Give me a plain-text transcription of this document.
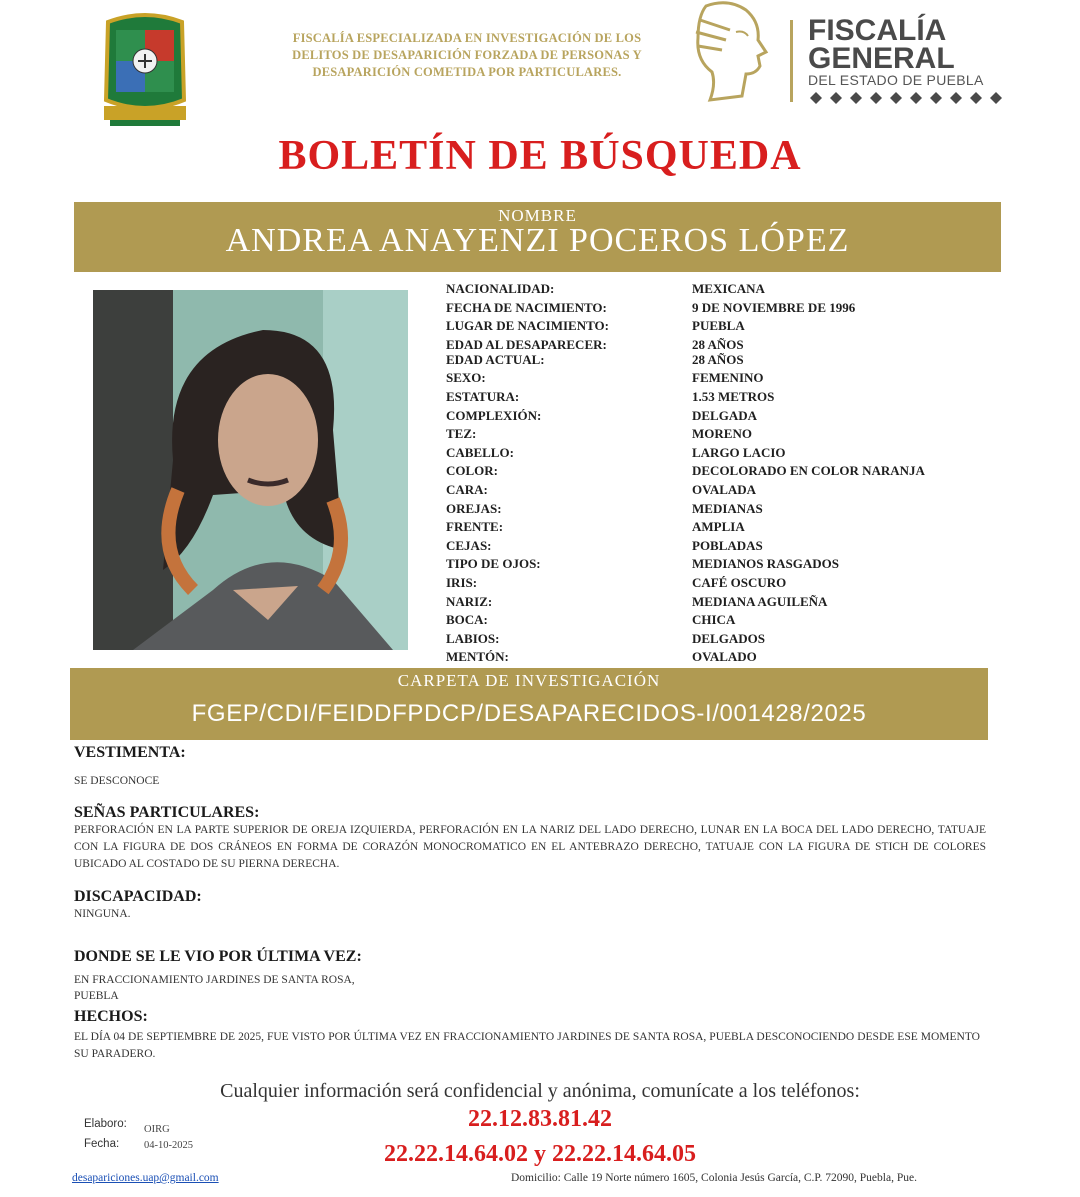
FISCALÍA ESPECIALIZADA EN INVESTIGACIÓN DE LOS DELITOS DE DESAPARICIÓN FORZADA DE PERSONAS Y DESAPARICIÓN COMETIDA POR PARTICULARES.
FISCALÍA
GENERAL
DEL ESTADO DE PUEBLA
BOLETÍN DE BÚSQUEDA
NOMBRE
ANDREA ANAYENZI POCEROS LÓPEZ
NACIONALIDAD:	MEXICANA
FECHA DE NACIMIENTO:	9 DE NOVIEMBRE DE 1996
LUGAR DE NACIMIENTO:	PUEBLA
EDAD AL DESAPARECER:	28 AÑOS
EDAD ACTUAL:	28 AÑOS
SEXO:	FEMENINO
ESTATURA:	1.53 METROS
COMPLEXIÓN:	DELGADA
TEZ:	MORENO
CABELLO:	LARGO LACIO
COLOR:	DECOLORADO EN COLOR NARANJA
CARA:	OVALADA
OREJAS:	MEDIANAS
FRENTE:	AMPLIA
CEJAS:	POBLADAS
TIPO DE OJOS:	MEDIANOS RASGADOS
IRIS:	CAFÉ OSCURO
NARIZ:	MEDIANA AGUILEÑA
BOCA:	CHICA
LABIOS:	DELGADOS
MENTÓN:	OVALADO
CARPETA DE INVESTIGACIÓN
FGEP/CDI/FEIDDFPDCP/DESAPARECIDOS-I/001428/2025
VESTIMENTA:
SE DESCONOCE
SEÑAS PARTICULARES:
PERFORACIÓN EN LA PARTE SUPERIOR DE OREJA IZQUIERDA, PERFORACIÓN EN LA NARIZ DEL LADO DERECHO, LUNAR EN LA BOCA DEL LADO DERECHO, TATUAJE CON LA FIGURA DE DOS CRÁNEOS EN FORMA DE CORAZÓN MONOCROMATICO EN EL ANTEBRAZO DERECHO, TATUAJE CON LA FIGURA DE STICH DE COLORES UBICADO AL COSTADO DE SU PIERNA DERECHA.
DISCAPACIDAD:
NINGUNA.
DONDE SE LE VIO POR ÚLTIMA VEZ:
EN FRACCIONAMIENTO JARDINES DE SANTA ROSA,
PUEBLA
HECHOS:
EL DÍA 04 DE SEPTIEMBRE DE 2025, FUE VISTO POR ÚLTIMA VEZ EN FRACCIONAMIENTO JARDINES DE SANTA ROSA, PUEBLA DESCONOCIENDO DESDE ESE MOMENTO SU PARADERO.
Cualquier información será confidencial y anónima, comunícate a los teléfonos:
22.12.83.81.42
22.22.14.64.02 y 22.22.14.64.05
Elaboro: OIRG
Fecha: 04-10-2025
desapariciones.uap@gmail.com	Domicilio: Calle 19 Norte número 1605, Colonia Jesús García, C.P. 72090, Puebla, Pue.
